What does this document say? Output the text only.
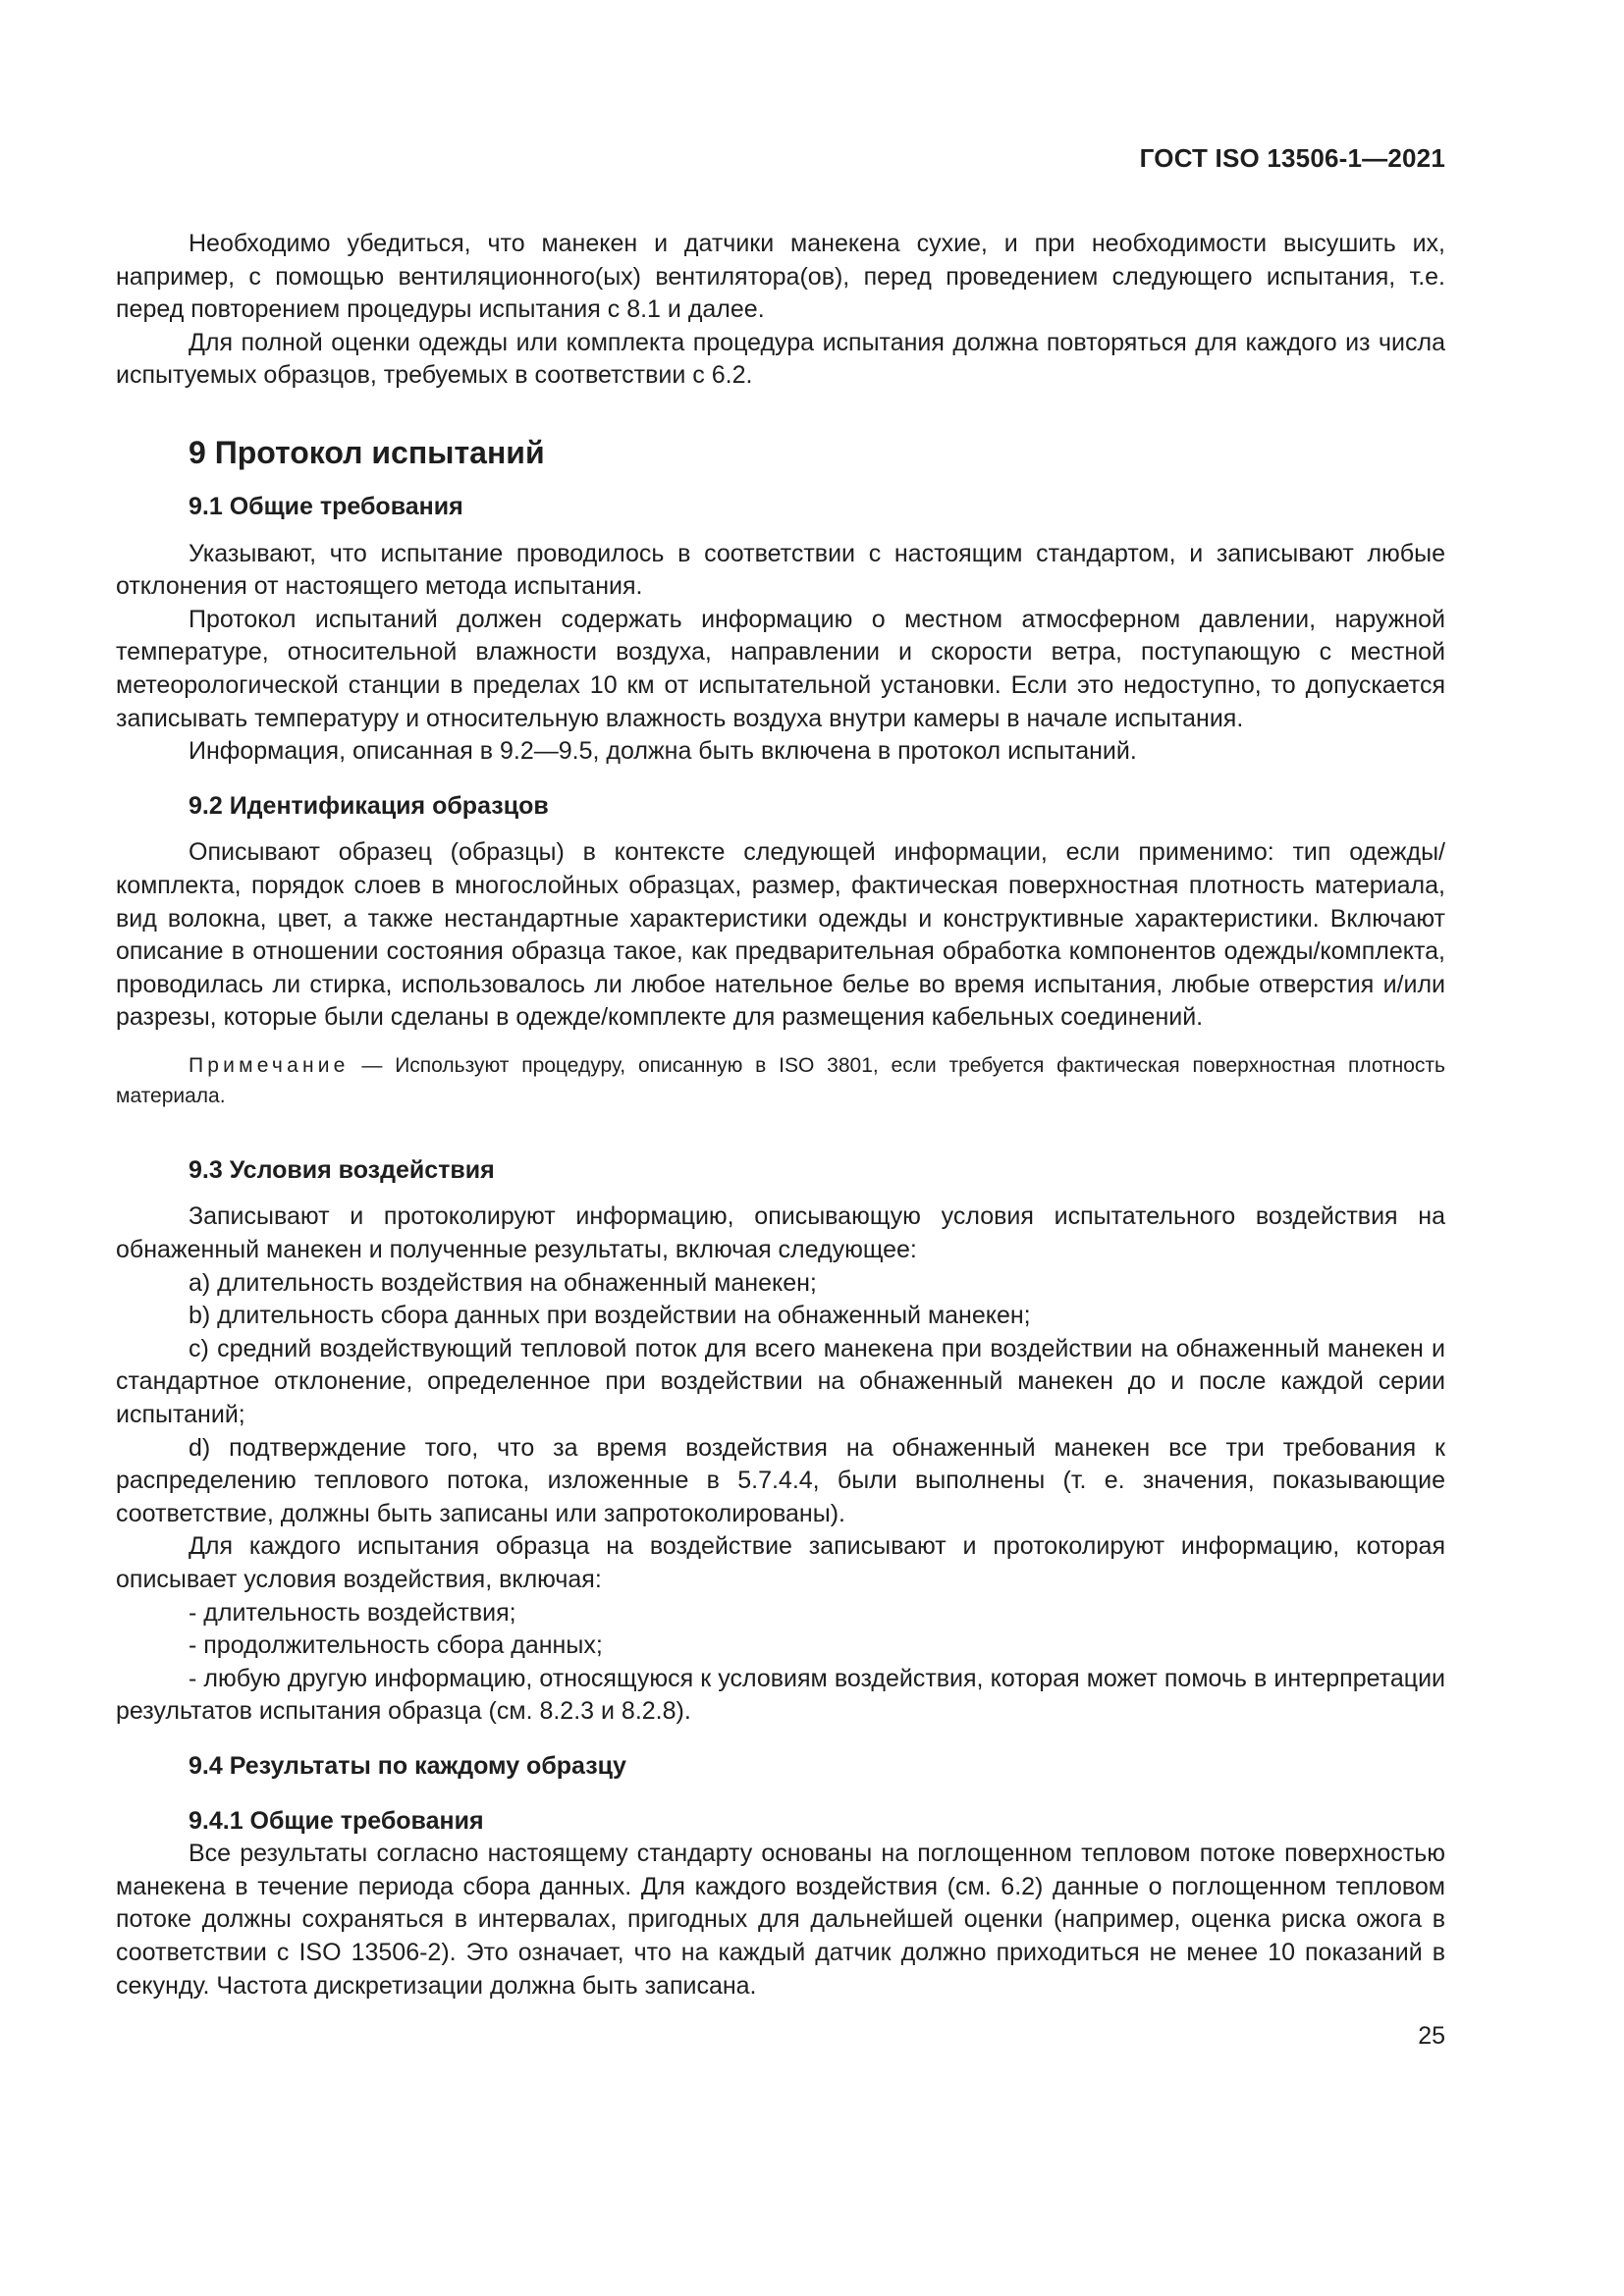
ГОСТ ISO 13506-1—2021

Необходимо убедиться, что манекен и датчики манекена сухие, и при необходимости высушить их, например, с помощью вентиляционного(ых) вентилятора(ов), перед проведением следующего испытания, т.е. перед повторением процедуры испытания с 8.1 и далее.

Для полной оценки одежды или комплекта процедура испытания должна повторяться для каждого из числа испытуемых образцов, требуемых в соответствии с 6.2.

9 Протокол испытаний
9.1 Общие требования

Указывают, что испытание проводилось в соответствии с настоящим стандартом, и записывают любые отклонения от настоящего метода испытания.

Протокол испытаний должен содержать информацию о местном атмосферном давлении, наружной температуре, относительной влажности воздуха, направлении и скорости ветра, поступающую с местной метеорологической станции в пределах 10 км от испытательной установки. Если это недоступно, то допускается записывать температуру и относительную влажность воздуха внутри камеры в начале испытания.

Информация, описанная в 9.2—9.5, должна быть включена в протокол испытаний.

9.2 Идентификация образцов

Описывают образец (образцы) в контексте следующей информации, если применимо: тип одежды/комплекта, порядок слоев в многослойных образцах, размер, фактическая поверхностная плотность материала, вид волокна, цвет, а также нестандартные характеристики одежды и конструктивные характеристики. Включают описание в отношении состояния образца такое, как предварительная обработка компонентов одежды/комплекта, проводилась ли стирка, использовалось ли любое нательное белье во время испытания, любые отверстия и/или разрезы, которые были сделаны в одежде/комплекте для размещения кабельных соединений.

Примечание — Используют процедуру, описанную в ISO 3801, если требуется фактическая поверхностная плотность материала.

9.3 Условия воздействия

Записывают и протоколируют информацию, описывающую условия испытательного воздействия на обнаженный манекен и полученные результаты, включая следующее:

a) длительность воздействия на обнаженный манекен;

b) длительность сбора данных при воздействии на обнаженный манекен;

c) средний воздействующий тепловой поток для всего манекена при воздействии на обнаженный манекен и стандартное отклонение, определенное при воздействии на обнаженный манекен до и после каждой серии испытаний;

d) подтверждение того, что за время воздействия на обнаженный манекен все три требования к распределению теплового потока, изложенные в 5.7.4.4, были выполнены (т. е. значения, показывающие соответствие, должны быть записаны или запротоколированы).

Для каждого испытания образца на воздействие записывают и протоколируют информацию, которая описывает условия воздействия, включая:

- длительность воздействия;

- продолжительность сбора данных;

- любую другую информацию, относящуюся к условиям воздействия, которая может помочь в интерпретации результатов испытания образца (см. 8.2.3 и 8.2.8).

9.4 Результаты по каждому образцу
9.4.1 Общие требования

Все результаты согласно настоящему стандарту основаны на поглощенном тепловом потоке поверхностью манекена в течение периода сбора данных. Для каждого воздействия (см. 6.2) данные о поглощенном тепловом потоке должны сохраняться в интервалах, пригодных для дальнейшей оценки (например, оценка риска ожога в соответствии с ISO 13506-2). Это означает, что на каждый датчик должно приходиться не менее 10 показаний в секунду. Частота дискретизации должна быть записана.

25
